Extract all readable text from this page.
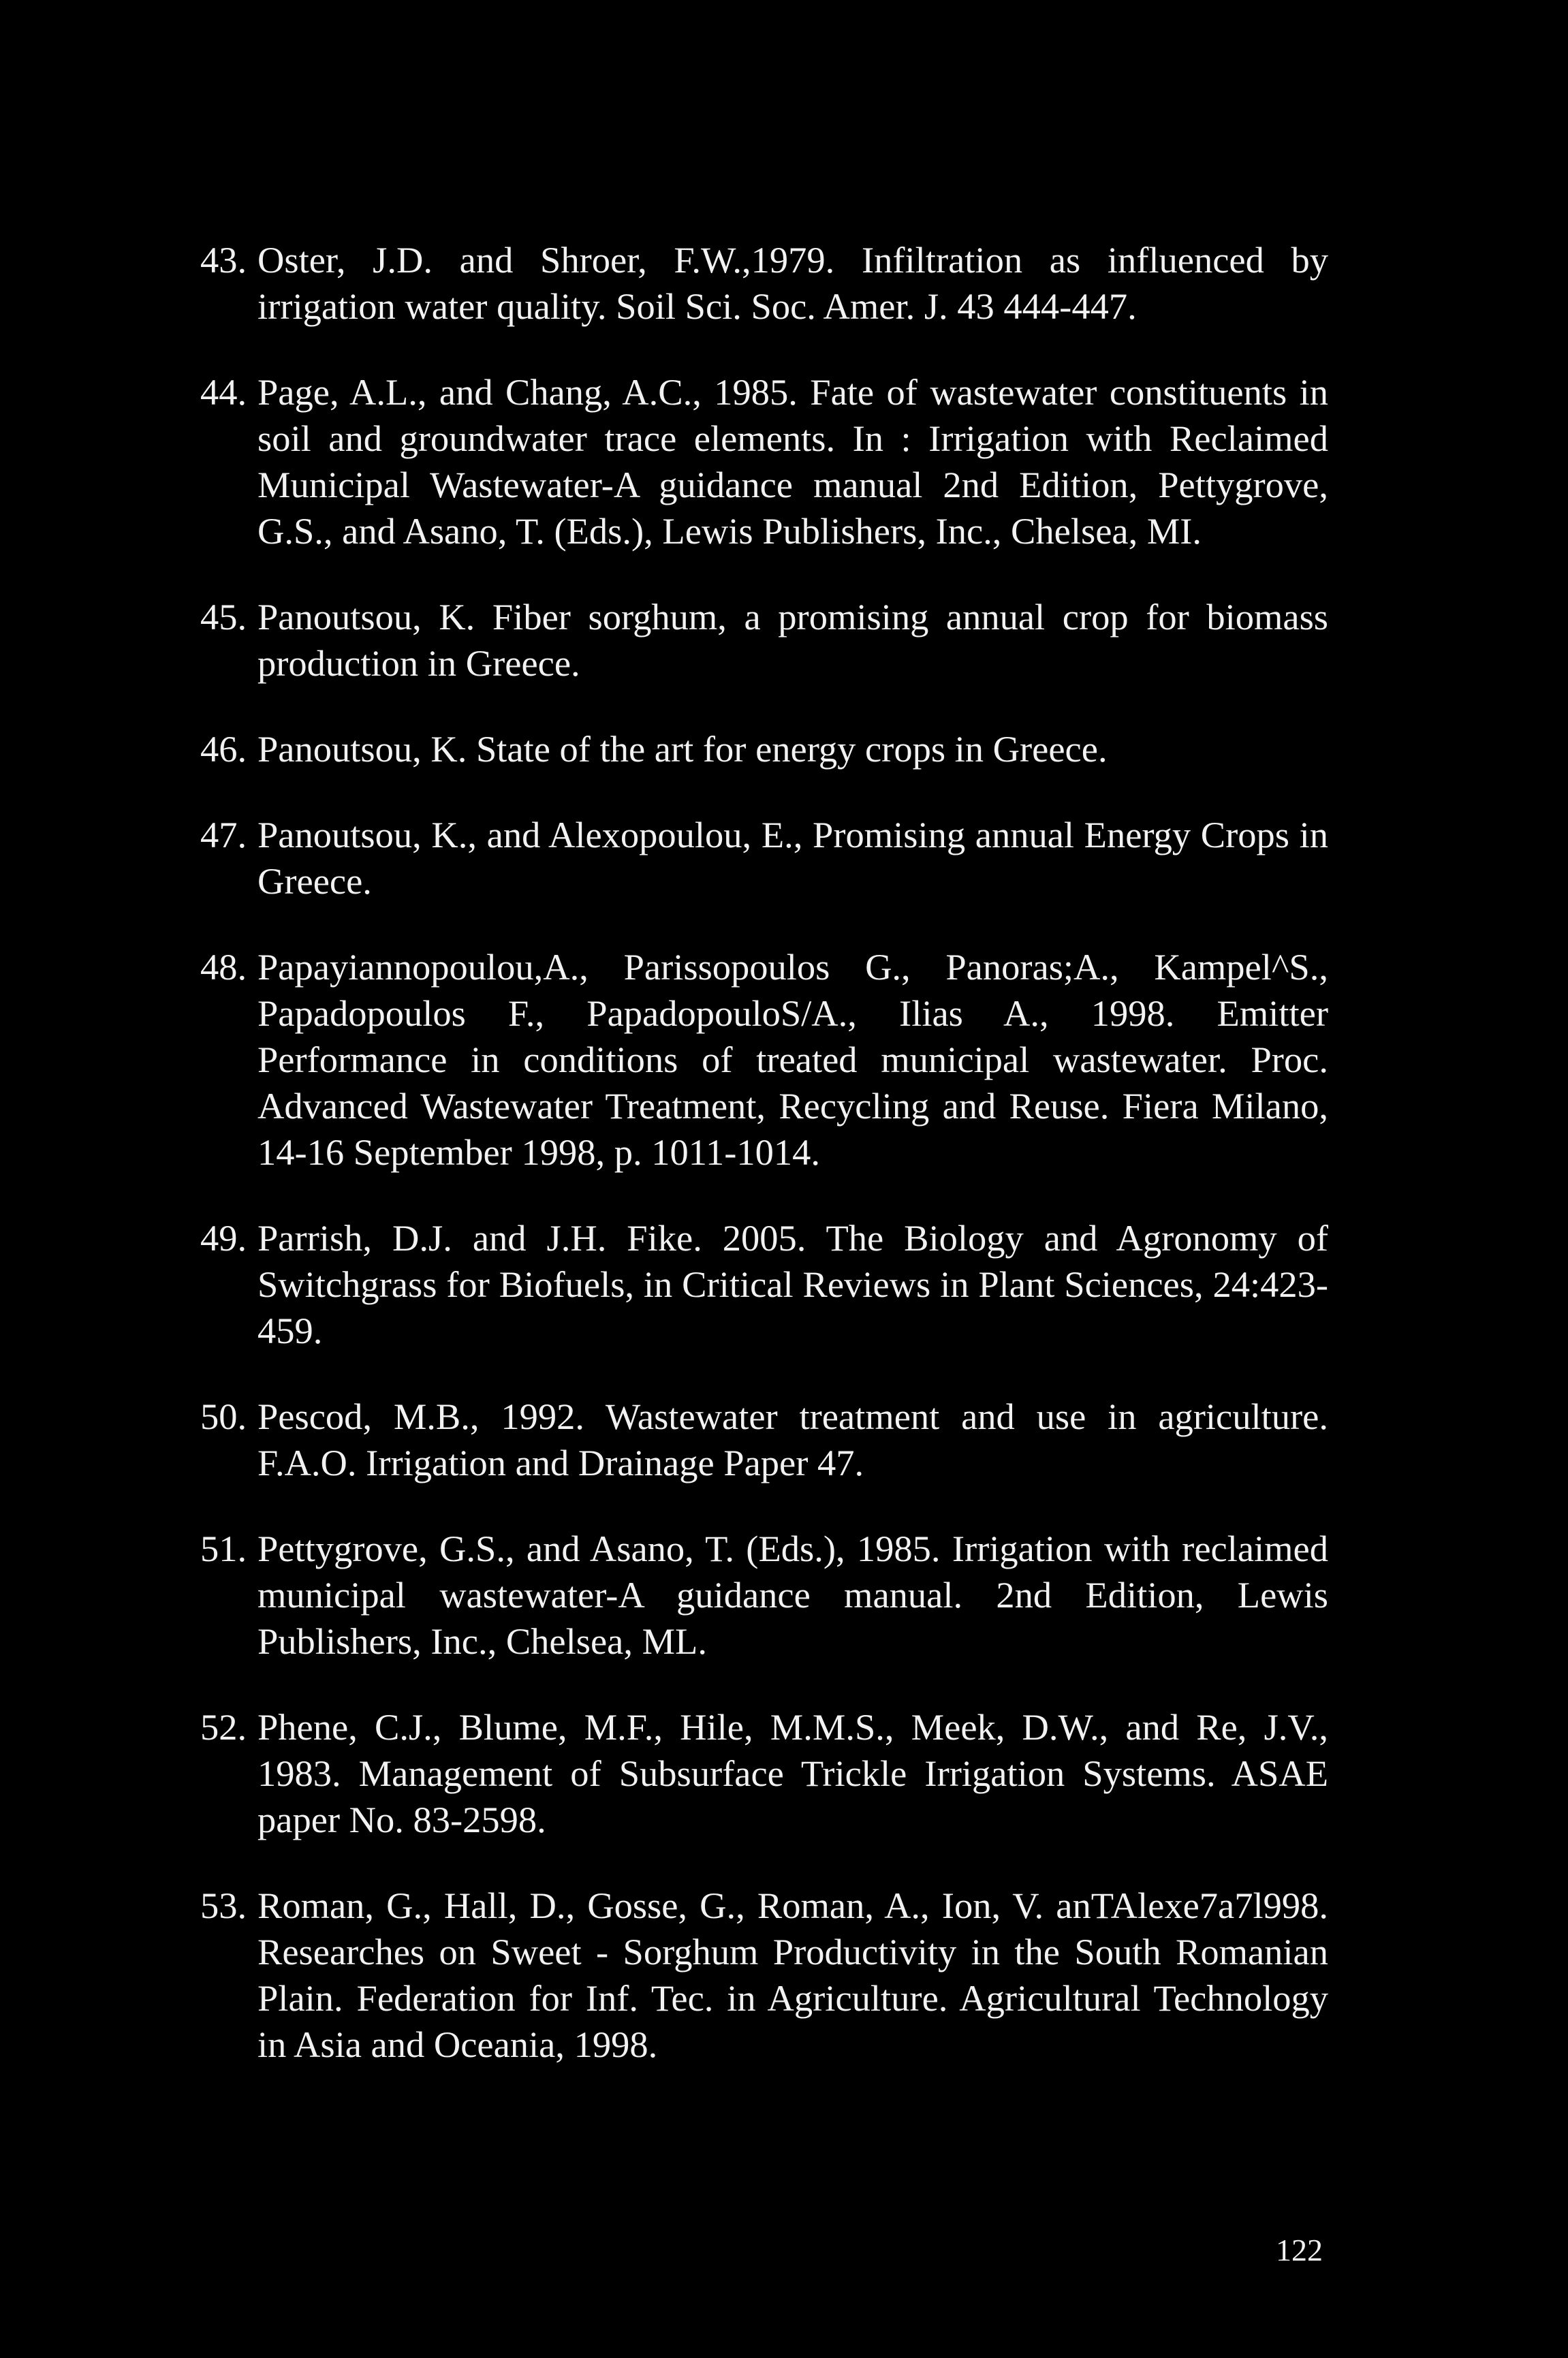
43. Oster, J.D. and Shroer, F.W.,1979. Infiltration as influenced by irrigation water quality. Soil Sci. Soc. Amer. J. 43 444-447.
44. Page, A.L., and Chang, A.C., 1985. Fate of wastewater constituents in soil and groundwater trace elements. In : Irrigation with Reclaimed Municipal Wastewater-A guidance manual 2nd Edition, Pettygrove, G.S., and Asano, T. (Eds.), Lewis Publishers, Inc., Chelsea, MI.
45. Panoutsou, K. Fiber sorghum, a promising annual crop for biomass production in Greece.
46. Panoutsou, K. State of the art for energy crops in Greece.
47. Panoutsou, K., and Alexopoulou, E., Promising annual Energy Crops in Greece.
48. Papayiannopoulou,A., Parissopoulos G., Panoras;A., Kampel^S., Papadopoulos F., PapadopouloS/A., Ilias A., 1998. Emitter Performance in conditions of treated municipal wastewater. Proc. Advanced Wastewater Treatment, Recycling and Reuse. Fiera Milano, 14-16 September 1998, p. 1011-1014.
49. Parrish, D.J. and J.H. Fike. 2005. The Biology and Agronomy of Switchgrass for Biofuels, in Critical Reviews in Plant Sciences, 24:423-459.
50. Pescod, M.B., 1992. Wastewater treatment and use in agriculture. F.A.O. Irrigation and Drainage Paper 47.
51. Pettygrove, G.S., and Asano, T. (Eds.), 1985. Irrigation with reclaimed municipal wastewater-A guidance manual. 2nd Edition, Lewis Publishers, Inc., Chelsea, ML.
52. Phene, C.J., Blume, M.F., Hile, M.M.S., Meek, D.W., and Re, J.V., 1983. Management of Subsurface Trickle Irrigation Systems. ASAE paper No. 83-2598.
53. Roman, G., Hall, D., Gosse, G., Roman, A., Ion, V. anTAlexe7a7l998. Researches on Sweet - Sorghum Productivity in the South Romanian Plain. Federation for Inf. Tec. in Agriculture. Agricultural Technology in Asia and Oceania, 1998.
122
